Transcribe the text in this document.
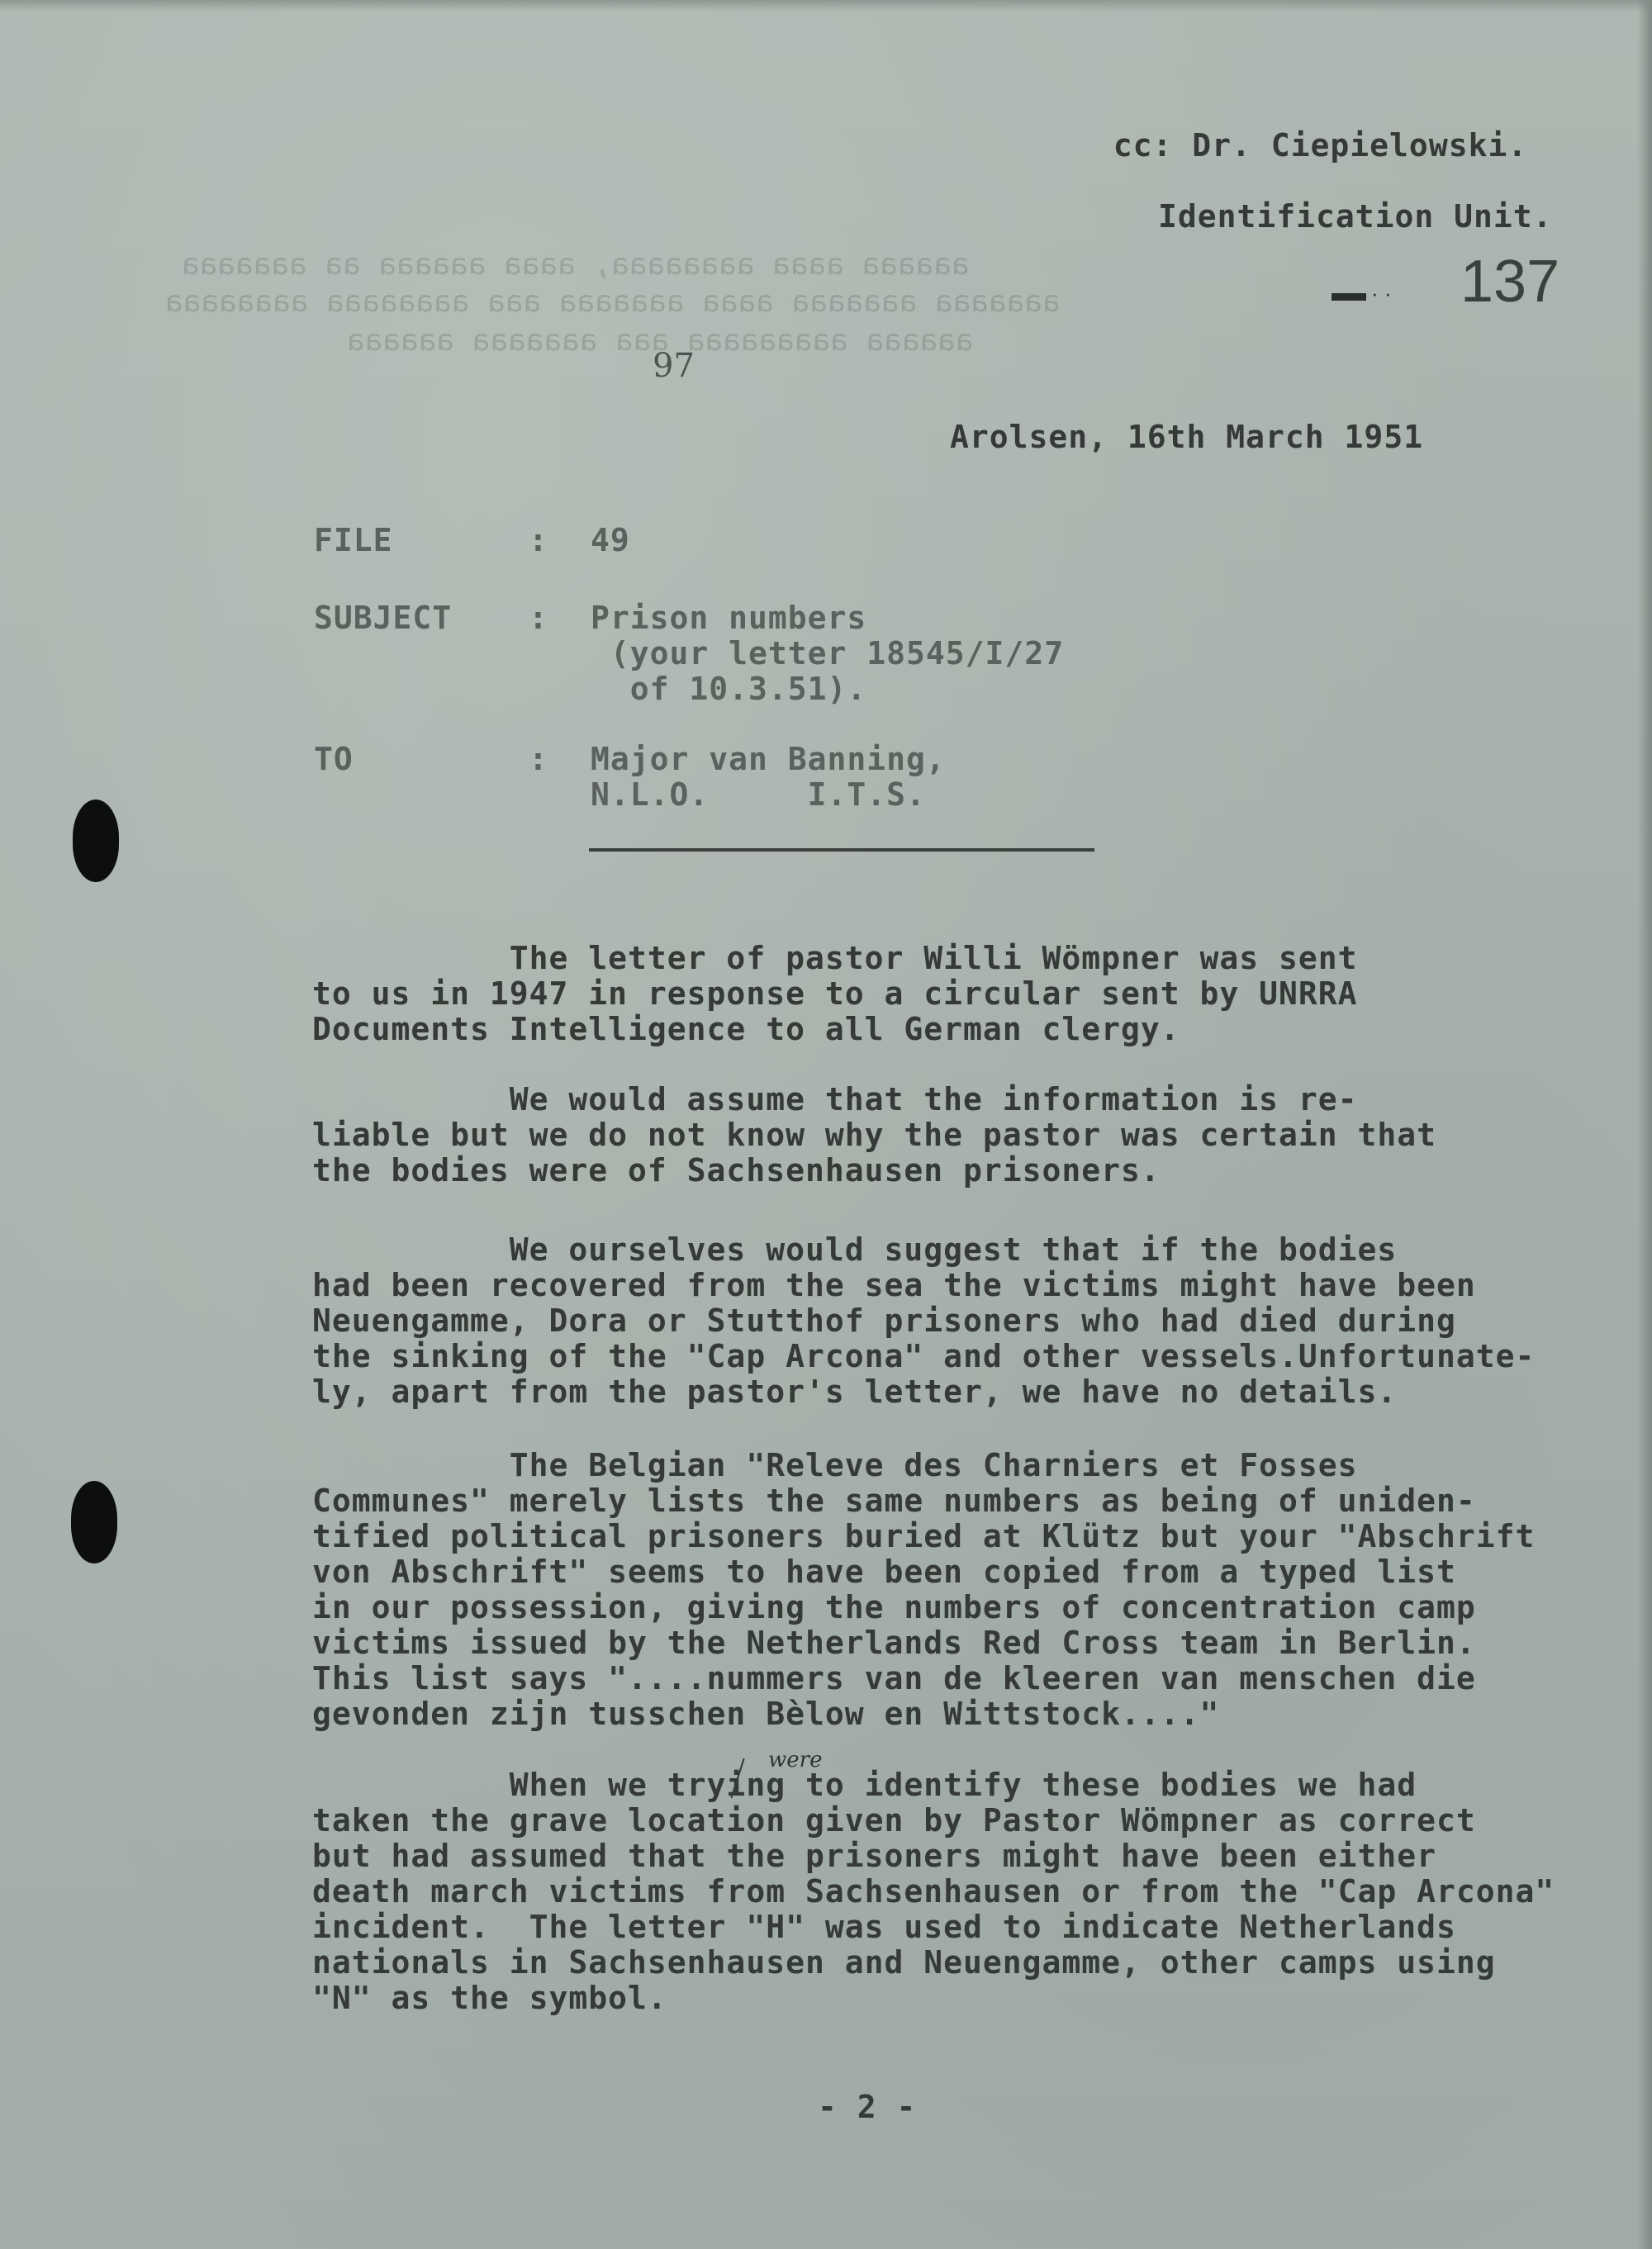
aaaaaa aaaa aaaaaaaa, aaaa aaaaaa aa aaaaaaa
aaaaaaa aaaaaaa aaaa aaaaaaa aaa aaaaaaaa aaaaaaaa
aaaaaa aaaaaaaaa aaa aaaaaaa aaaaaa

cc: Dr. Ciepielowski.

Identification Unit.

· · 137
97
Arolsen, 16th March 1951
FILE	: 49
SUBJECT : Prison numbers
(your letter 18545/I/27
of 10.3.51).
TO	: Major van Banning,
N.L.O.     I.T.S.
The letter of pastor Willi Wömpner was sent
to us in 1947 in response to a circular sent by UNRRA
Documents Intelligence to all German clergy.
We would assume that the information is re-
liable but we do not know why the pastor was certain that
the bodies were of Sachsenhausen prisoners.
We ourselves would suggest that if the bodies
had been recovered from the sea the victims might have been
Neuengamme, Dora or Stutthof prisoners who had died during
the sinking of the "Cap Arcona" and other vessels.Unfortunate-
ly, apart from the pastor's letter, we have no details.
The Belgian "Releve des Charniers et Fosses
Communes" merely lists the same numbers as being of uniden-
tified political prisoners buried at Klütz but your "Abschrift
von Abschrift" seems to have been copied from a typed list
in our possession, giving the numbers of concentration camp
victims issued by the Netherlands Red Cross team in Berlin.
This list says "....nummers van de kleeren van menschen die
gevonden zijn tusschen Bèlow en Wittstock...."
were
When we trying to identify these bodies we had
taken the grave location given by Pastor Wömpner as correct
but had assumed that the prisoners might have been either
death march victims from Sachsenhausen or from the "Cap Arcona"
incident.  The letter "H" was used to indicate Netherlands
nationals in Sachsenhausen and Neuengamme, other camps using
"N" as the symbol.
- 2 -
